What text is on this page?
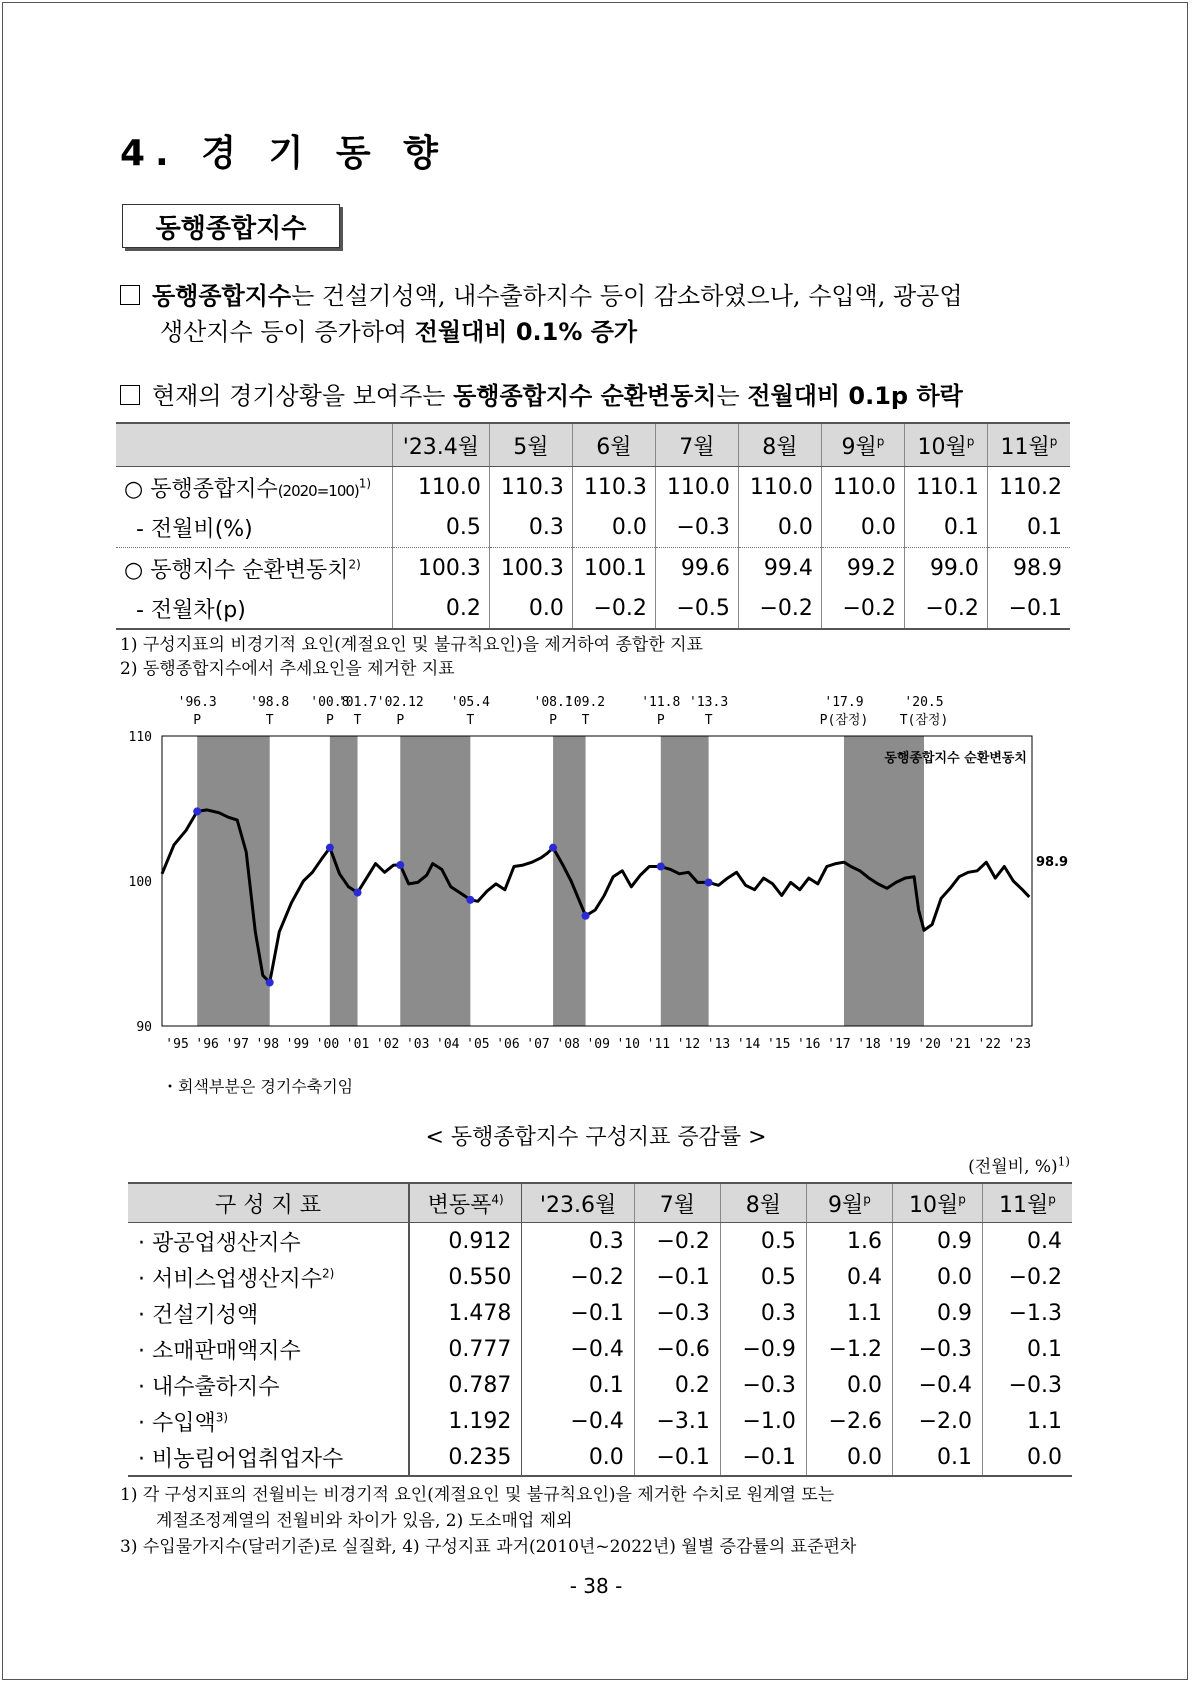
4. 경 기 동 향
동행종합지수
동행종합지수는 건설기성액, 내수출하지수 등이 감소하였으나, 수입액, 광공업
생산지수 등이 증가하여 전월대비 0.1% 증가
현재의 경기상황을 보여주는 동행종합지수 순환변동치는 전월대비 0.1p 하락
	'23.4월	5월	6월	7월	8월	9월$^p$	10월$^p$	11월$^p$
○ 동행종합지수(2020=100)$^{1)}$	110.0	110.3	110.3	110.0	110.0	110.0	110.1	110.2
- 전월비(%)	0.5	0.3	0.0	−0.3	0.0	0.0	0.1	0.1
○ 동행지수 순환변동치$^{2)}$	100.3	100.3	100.1	99.6	99.4	99.2	99.0	98.9
- 전월차(p)	0.2	0.0	−0.2	−0.5	−0.2	−0.2	−0.2	−0.1
1) 구성지표의 비경기적 요인(계절요인 및 불규칙요인)을 제거하여 종합한 지표
2) 동행종합지수에서 추세요인을 제거한 지표
90
100
110
'95 '96 '97 '98 '99 '00 '01 '02 '03 '04 '05 '06 '07 '08 '09 '10 '11 '12 '13 '14 '15 '16 '17 '18 '19 '20 '21 '22 '23
'96.3
P
'98.8
T
'00.8
P
'01.7
T
'02.12
P
'05.4
T
'08.1
P
'09.2
T
'11.8
P
'13.3
T
'17.9
P(잠정)
'20.5
T(잠정)
동행종합지수 순환변동치
98.9
・회색부분은 경기수축기임
< 동행종합지수 구성지표 증감률 >
(전월비, %)$^{1)}$
구 성 지 표	변동폭$^{4)}$	'23.6월	7월	8월	9월$^p$	10월$^p$	11월$^p$
· 광공업생산지수	0.912	0.3	−0.2	0.5	1.6	0.9	0.4
· 서비스업생산지수$^{2)}$	0.550	−0.2	−0.1	0.5	0.4	0.0	−0.2
· 건설기성액	1.478	−0.1	−0.3	0.3	1.1	0.9	−1.3
· 소매판매액지수	0.777	−0.4	−0.6	−0.9	−1.2	−0.3	0.1
· 내수출하지수	0.787	0.1	0.2	−0.3	0.0	−0.4	−0.3
· 수입액$^{3)}$	1.192	−0.4	−3.1	−1.0	−2.6	−2.0	1.1
· 비농림어업취업자수	0.235	0.0	−0.1	−0.1	0.0	0.1	0.0
1) 각 구성지표의 전월비는 비경기적 요인(계절요인 및 불규칙요인)을 제거한 수치로 원계열 또는
계절조정계열의 전월비와 차이가 있음, 2) 도소매업 제외
3) 수입물가지수(달러기준)로 실질화, 4) 구성지표 과거(2010년~2022년) 월별 증감률의 표준편차
- 38 -
